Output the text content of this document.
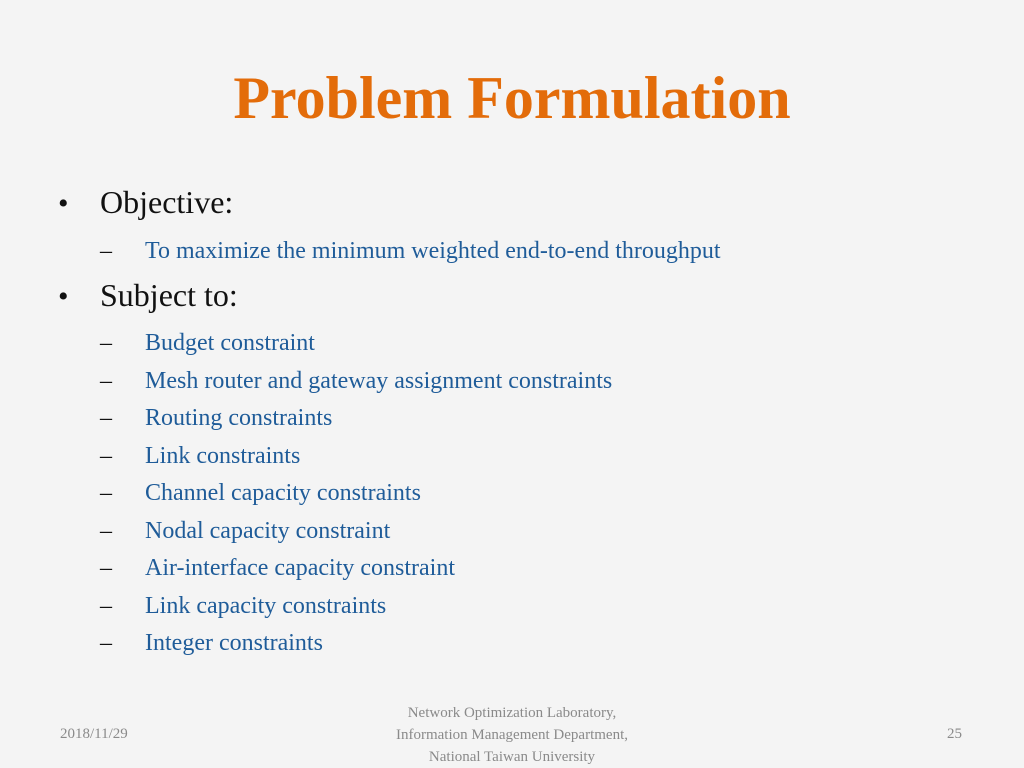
Problem Formulation
• Objective:
– To maximize the minimum weighted end-to-end throughput
• Subject to:
– Budget constraint
– Mesh router and gateway assignment constraints
– Routing constraints
– Link constraints
– Channel capacity constraints
– Nodal capacity constraint
– Air-interface capacity constraint
– Link capacity constraints
– Integer constraints
2018/11/29
Network Optimization Laboratory,
Information Management Department,
National Taiwan University
25
